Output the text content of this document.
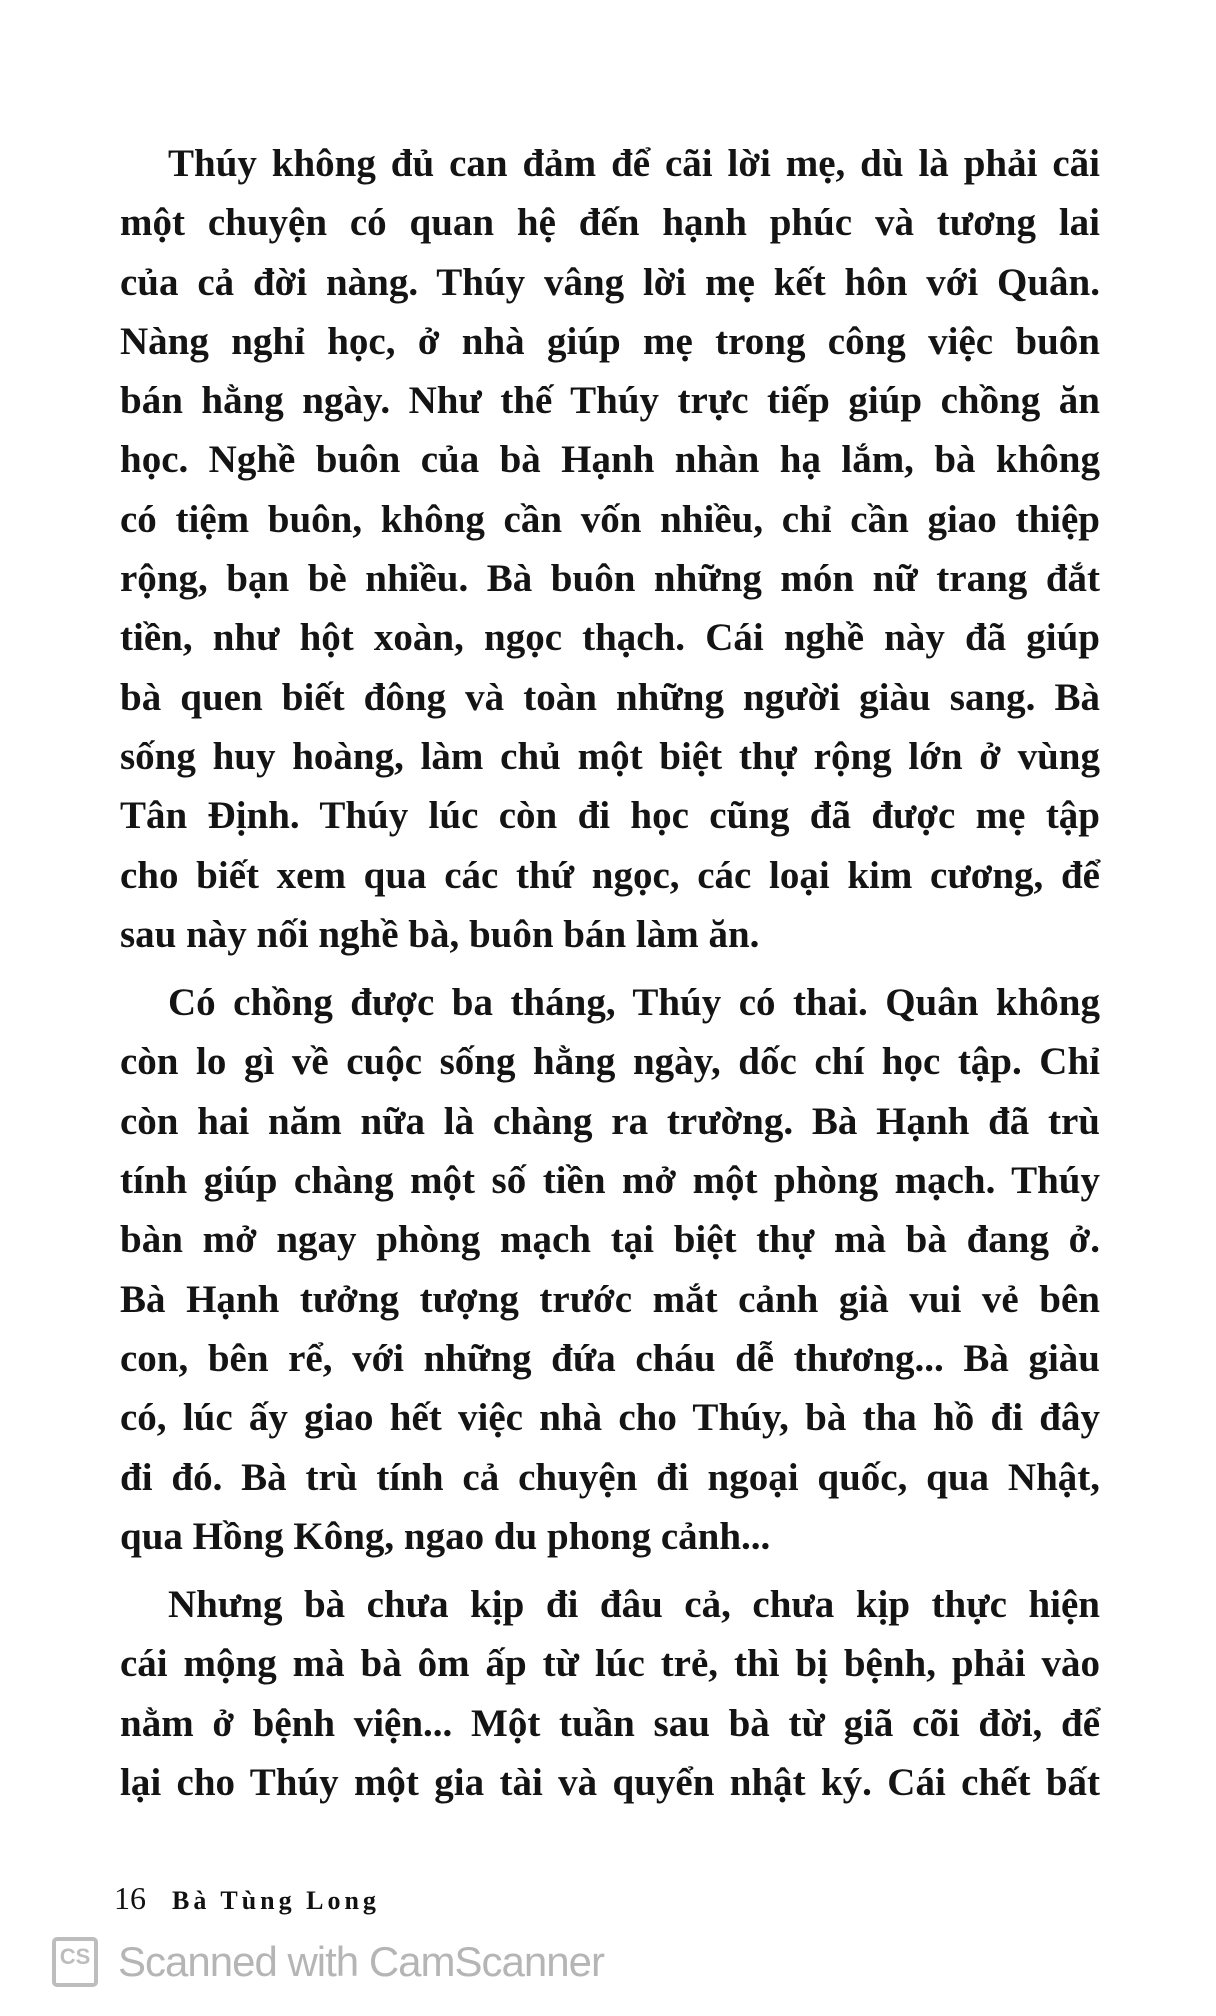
Thúy không đủ can đảm để cãi lời mẹ, dù là phải cãi
một chuyện có quan hệ đến hạnh phúc và tương lai
của cả đời nàng. Thúy vâng lời mẹ kết hôn với Quân.
Nàng nghỉ học, ở nhà giúp mẹ trong công việc buôn
bán hằng ngày. Như thế Thúy trực tiếp giúp chồng ăn
học. Nghề buôn của bà Hạnh nhàn hạ lắm, bà không
có tiệm buôn, không cần vốn nhiều, chỉ cần giao thiệp
rộng, bạn bè nhiều. Bà buôn những món nữ trang đắt
tiền, như hột xoàn, ngọc thạch. Cái nghề này đã giúp
bà quen biết đông và toàn những người giàu sang. Bà
sống huy hoàng, làm chủ một biệt thự rộng lớn ở vùng
Tân Định. Thúy lúc còn đi học cũng đã được mẹ tập
cho biết xem qua các thứ ngọc, các loại kim cương, để
sau này nối nghề bà, buôn bán làm ăn.
Có chồng được ba tháng, Thúy có thai. Quân không
còn lo gì về cuộc sống hằng ngày, dốc chí học tập. Chỉ
còn hai năm nữa là chàng ra trường. Bà Hạnh đã trù
tính giúp chàng một số tiền mở một phòng mạch. Thúy
bàn mở ngay phòng mạch tại biệt thự mà bà đang ở.
Bà Hạnh tưởng tượng trước mắt cảnh già vui vẻ bên
con, bên rể, với những đứa cháu dễ thương... Bà giàu
có, lúc ấy giao hết việc nhà cho Thúy, bà tha hồ đi đây
đi đó. Bà trù tính cả chuyện đi ngoại quốc, qua Nhật,
qua Hồng Kông, ngao du phong cảnh...
Nhưng bà chưa kịp đi đâu cả, chưa kịp thực hiện
cái mộng mà bà ôm ấp từ lúc trẻ, thì bị bệnh, phải vào
nằm ở bệnh viện... Một tuần sau bà từ giã cõi đời, để
lại cho Thúy một gia tài và quyển nhật ký. Cái chết bất
16 Bà Tùng Long
CS Scanned with CamScanner
